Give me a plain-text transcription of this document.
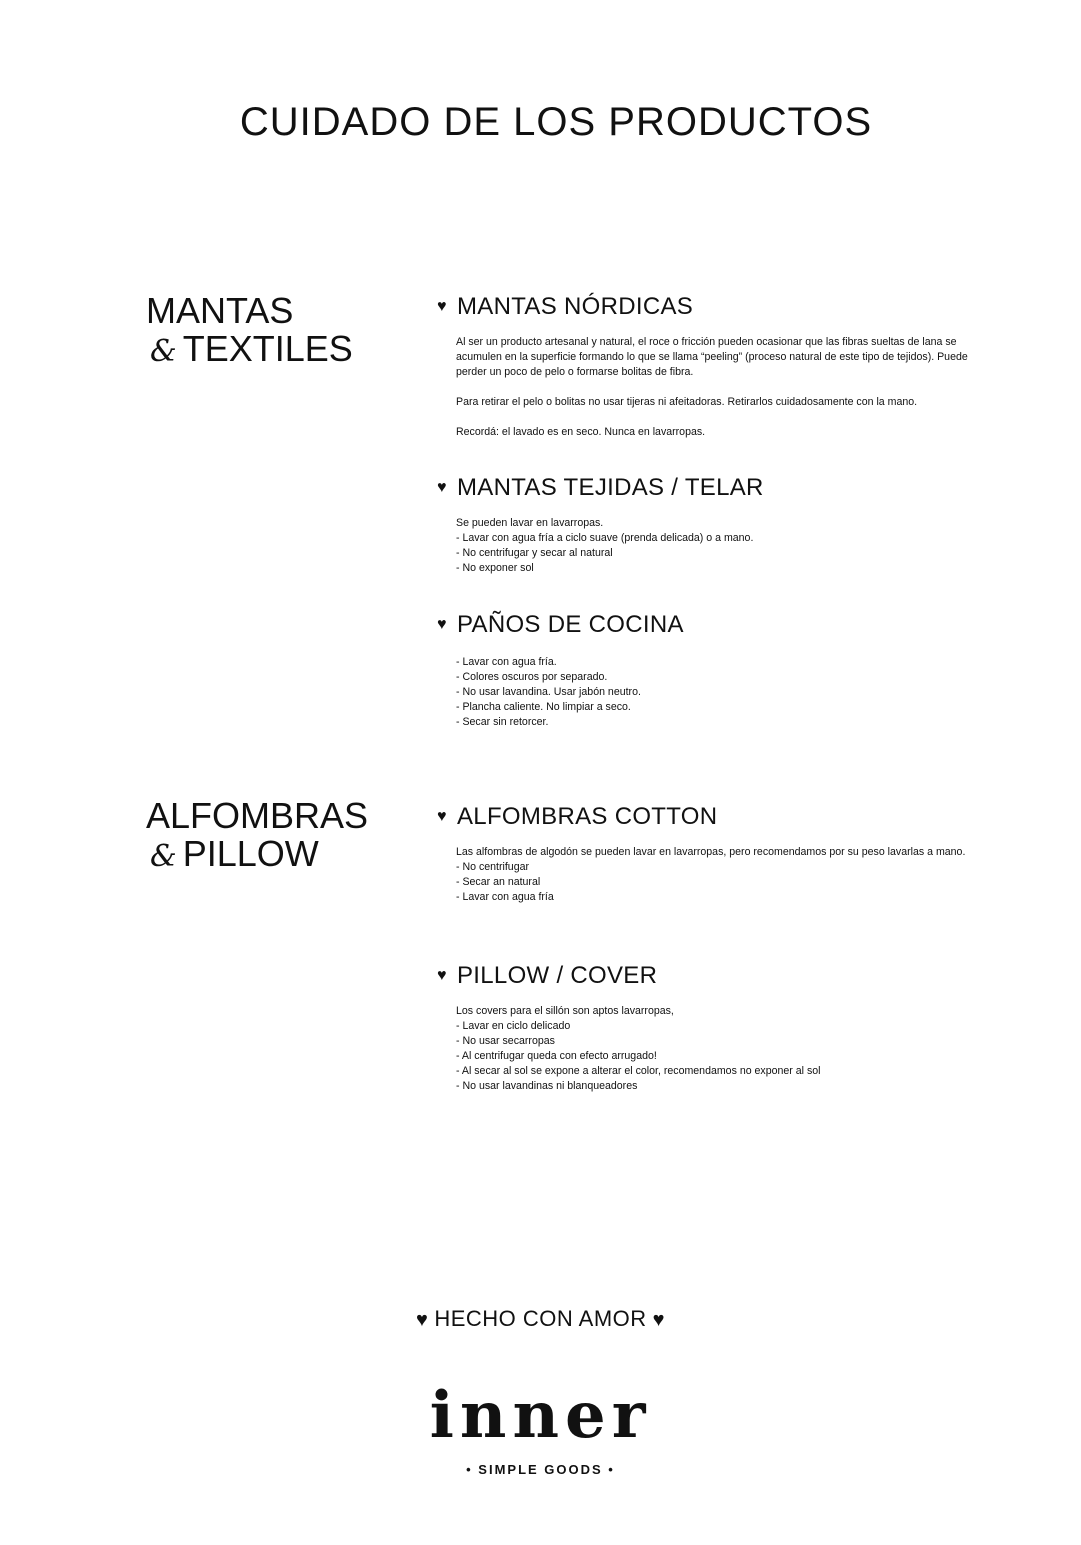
CUIDADO DE LOS PRODUCTOS
MANTAS
& TEXTILES
ALFOMBRAS
& PILLOW
♥ MANTAS NÓRDICAS

Al ser un producto artesanal y natural, el roce o fricción pueden ocasionar que las fibras sueltas de lana se acumulen en la superficie formando lo que se llama “peeling” (proceso natural de este tipo de tejidos). Puede perder un poco de pelo o formarse bolitas de fibra.

Para retirar el pelo o bolitas no usar tijeras ni afeitadoras. Retirarlos cuidadosamente con la mano.

Recordá: el lavado es en seco. Nunca en lavarropas.

♥ MANTAS TEJIDAS / TELAR

Se pueden lavar en lavarropas.

- Lavar con agua fría a ciclo suave (prenda delicada) o a mano.

- No centrifugar y secar al natural

- No exponer sol

♥ PAÑOS DE COCINA

- Lavar con agua fría.

- Colores oscuros por separado.

- No usar lavandina. Usar jabón neutro.

- Plancha caliente. No limpiar a seco.

- Secar sin retorcer.

♥ ALFOMBRAS COTTON

Las alfombras de algodón se pueden lavar en lavarropas, pero recomendamos por su peso lavarlas a mano.

- No centrifugar

- Secar an natural

- Lavar con agua fría

♥ PILLOW / COVER

Los covers para el sillón son aptos lavarropas,

- Lavar en ciclo delicado

- No usar secarropas

- Al centrifugar queda con efecto arrugado!

- Al secar al sol se expone a alterar el color, recomendamos no exponer al sol

- No usar lavandinas ni blanqueadores

♥ HECHO CON AMOR ♥
inner
• SIMPLE GOODS •
